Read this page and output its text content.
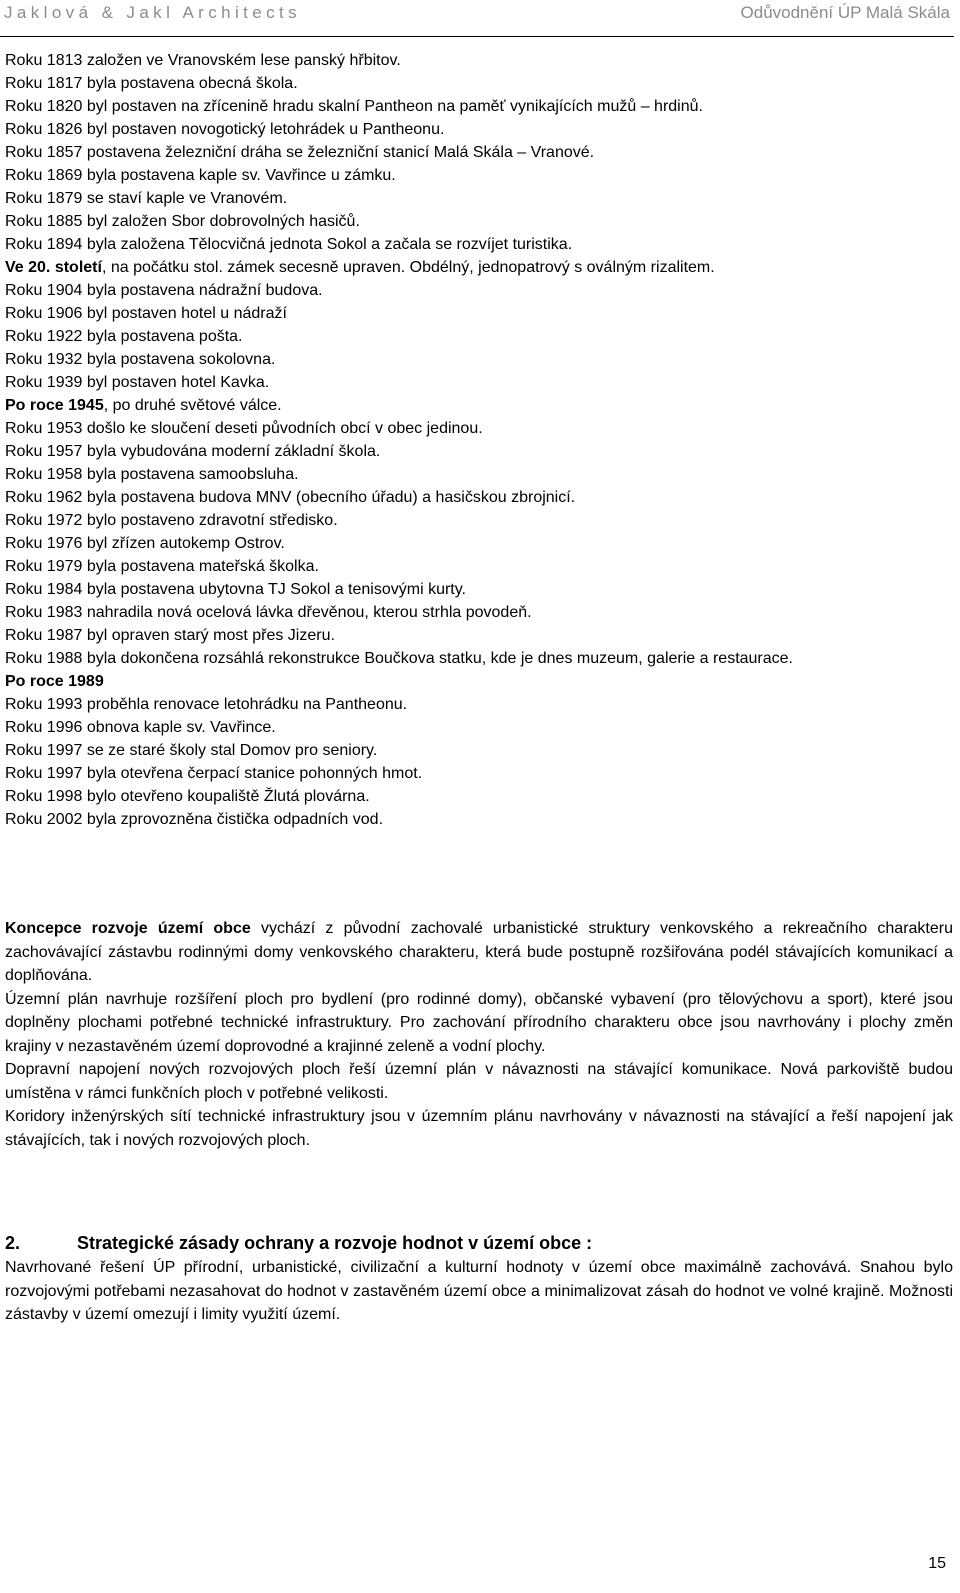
Jaklová & Jakl Architects	Odůvodnění ÚP Malá Skála
Roku 1813 založen ve Vranovském lese panský hřbitov.
Roku 1817 byla postavena obecná škola.
Roku 1820 byl postaven na zřícenině hradu skalní Pantheon na paměť vynikajících mužů – hrdinů.
Roku 1826 byl postaven novogotický letohrádek u Pantheonu.
Roku 1857 postavena železniční dráha se železniční stanicí Malá Skála – Vranové.
Roku 1869 byla postavena kaple sv. Vavřince u zámku.
Roku 1879 se staví kaple ve Vranovém.
Roku 1885 byl založen Sbor dobrovolných hasičů.
Roku 1894 byla založena Tělocvičná jednota Sokol a začala se rozvíjet turistika.
Ve 20. století, na počátku stol. zámek secesně upraven. Obdélný, jednopatrový s oválným rizalitem.
Roku 1904 byla postavena nádražní budova.
Roku 1906 byl postaven hotel u nádraží
Roku 1922 byla postavena pošta.
Roku 1932 byla postavena sokolovna.
Roku 1939 byl postaven hotel Kavka.
Po roce 1945, po druhé světové válce.
Roku 1953 došlo ke sloučení deseti původních obcí v obec jedinou.
Roku 1957 byla vybudována moderní základní škola.
Roku 1958 byla postavena samoobsluha.
Roku 1962 byla postavena budova MNV (obecního úřadu) a hasičskou zbrojnicí.
Roku 1972 bylo postaveno zdravotní středisko.
Roku 1976 byl zřízen autokemp Ostrov.
Roku 1979 byla postavena mateřská školka.
Roku 1984 byla postavena ubytovna TJ Sokol a tenisovými kurty.
Roku 1983 nahradila nová ocelová lávka dřevěnou, kterou strhla povodeň.
Roku 1987 byl opraven starý most přes Jizeru.
Roku 1988 byla dokončena rozsáhlá rekonstrukce Boučkova statku, kde je dnes muzeum, galerie a restaurace.
Po roce 1989
Roku 1993 proběhla renovace letohrádku na Pantheonu.
Roku 1996 obnova kaple sv. Vavřince.
Roku 1997 se ze staré školy stal Domov pro seniory.
Roku 1997 byla otevřena čerpací stanice pohonných hmot.
Roku 1998 bylo otevřeno koupaliště Žlutá plovárna.
Roku 2002 byla zprovozněna čistička odpadních vod.

Koncepce rozvoje území obce vychází z původní zachovalé urbanistické struktury venkovského a rekreačního charakteru zachovávající zástavbu rodinnými domy venkovského charakteru, která bude postupně rozšiřována podél stávajících komunikací a doplňována.

Územní plán navrhuje rozšíření ploch pro bydlení (pro rodinné domy), občanské vybavení (pro tělovýchovu a sport), které jsou doplněny plochami potřebné technické infrastruktury. Pro zachování přírodního charakteru obce jsou navrhovány i plochy změn krajiny v nezastavěném území doprovodné a krajinné zeleně a vodní plochy.

Dopravní napojení nových rozvojových ploch řeší územní plán v návaznosti na stávající komunikace. Nová parkoviště budou umístěna v rámci funkčních ploch v potřebné velikosti.

Koridory inženýrských sítí technické infrastruktury jsou v územním plánu navrhovány v návaznosti na stávající a řeší napojení jak stávajících, tak i nových rozvojových ploch.

2.	Strategické zásady ochrany a rozvoje hodnot v území obce :

Navrhované řešení ÚP přírodní, urbanistické, civilizační a kulturní hodnoty v území obce maximálně zachovává. Snahou bylo rozvojovými potřebami nezasahovat do hodnot v zastavěném území obce a minimalizovat zásah do hodnot ve volné krajině. Možnosti zástavby v území omezují i limity využití území.

15
